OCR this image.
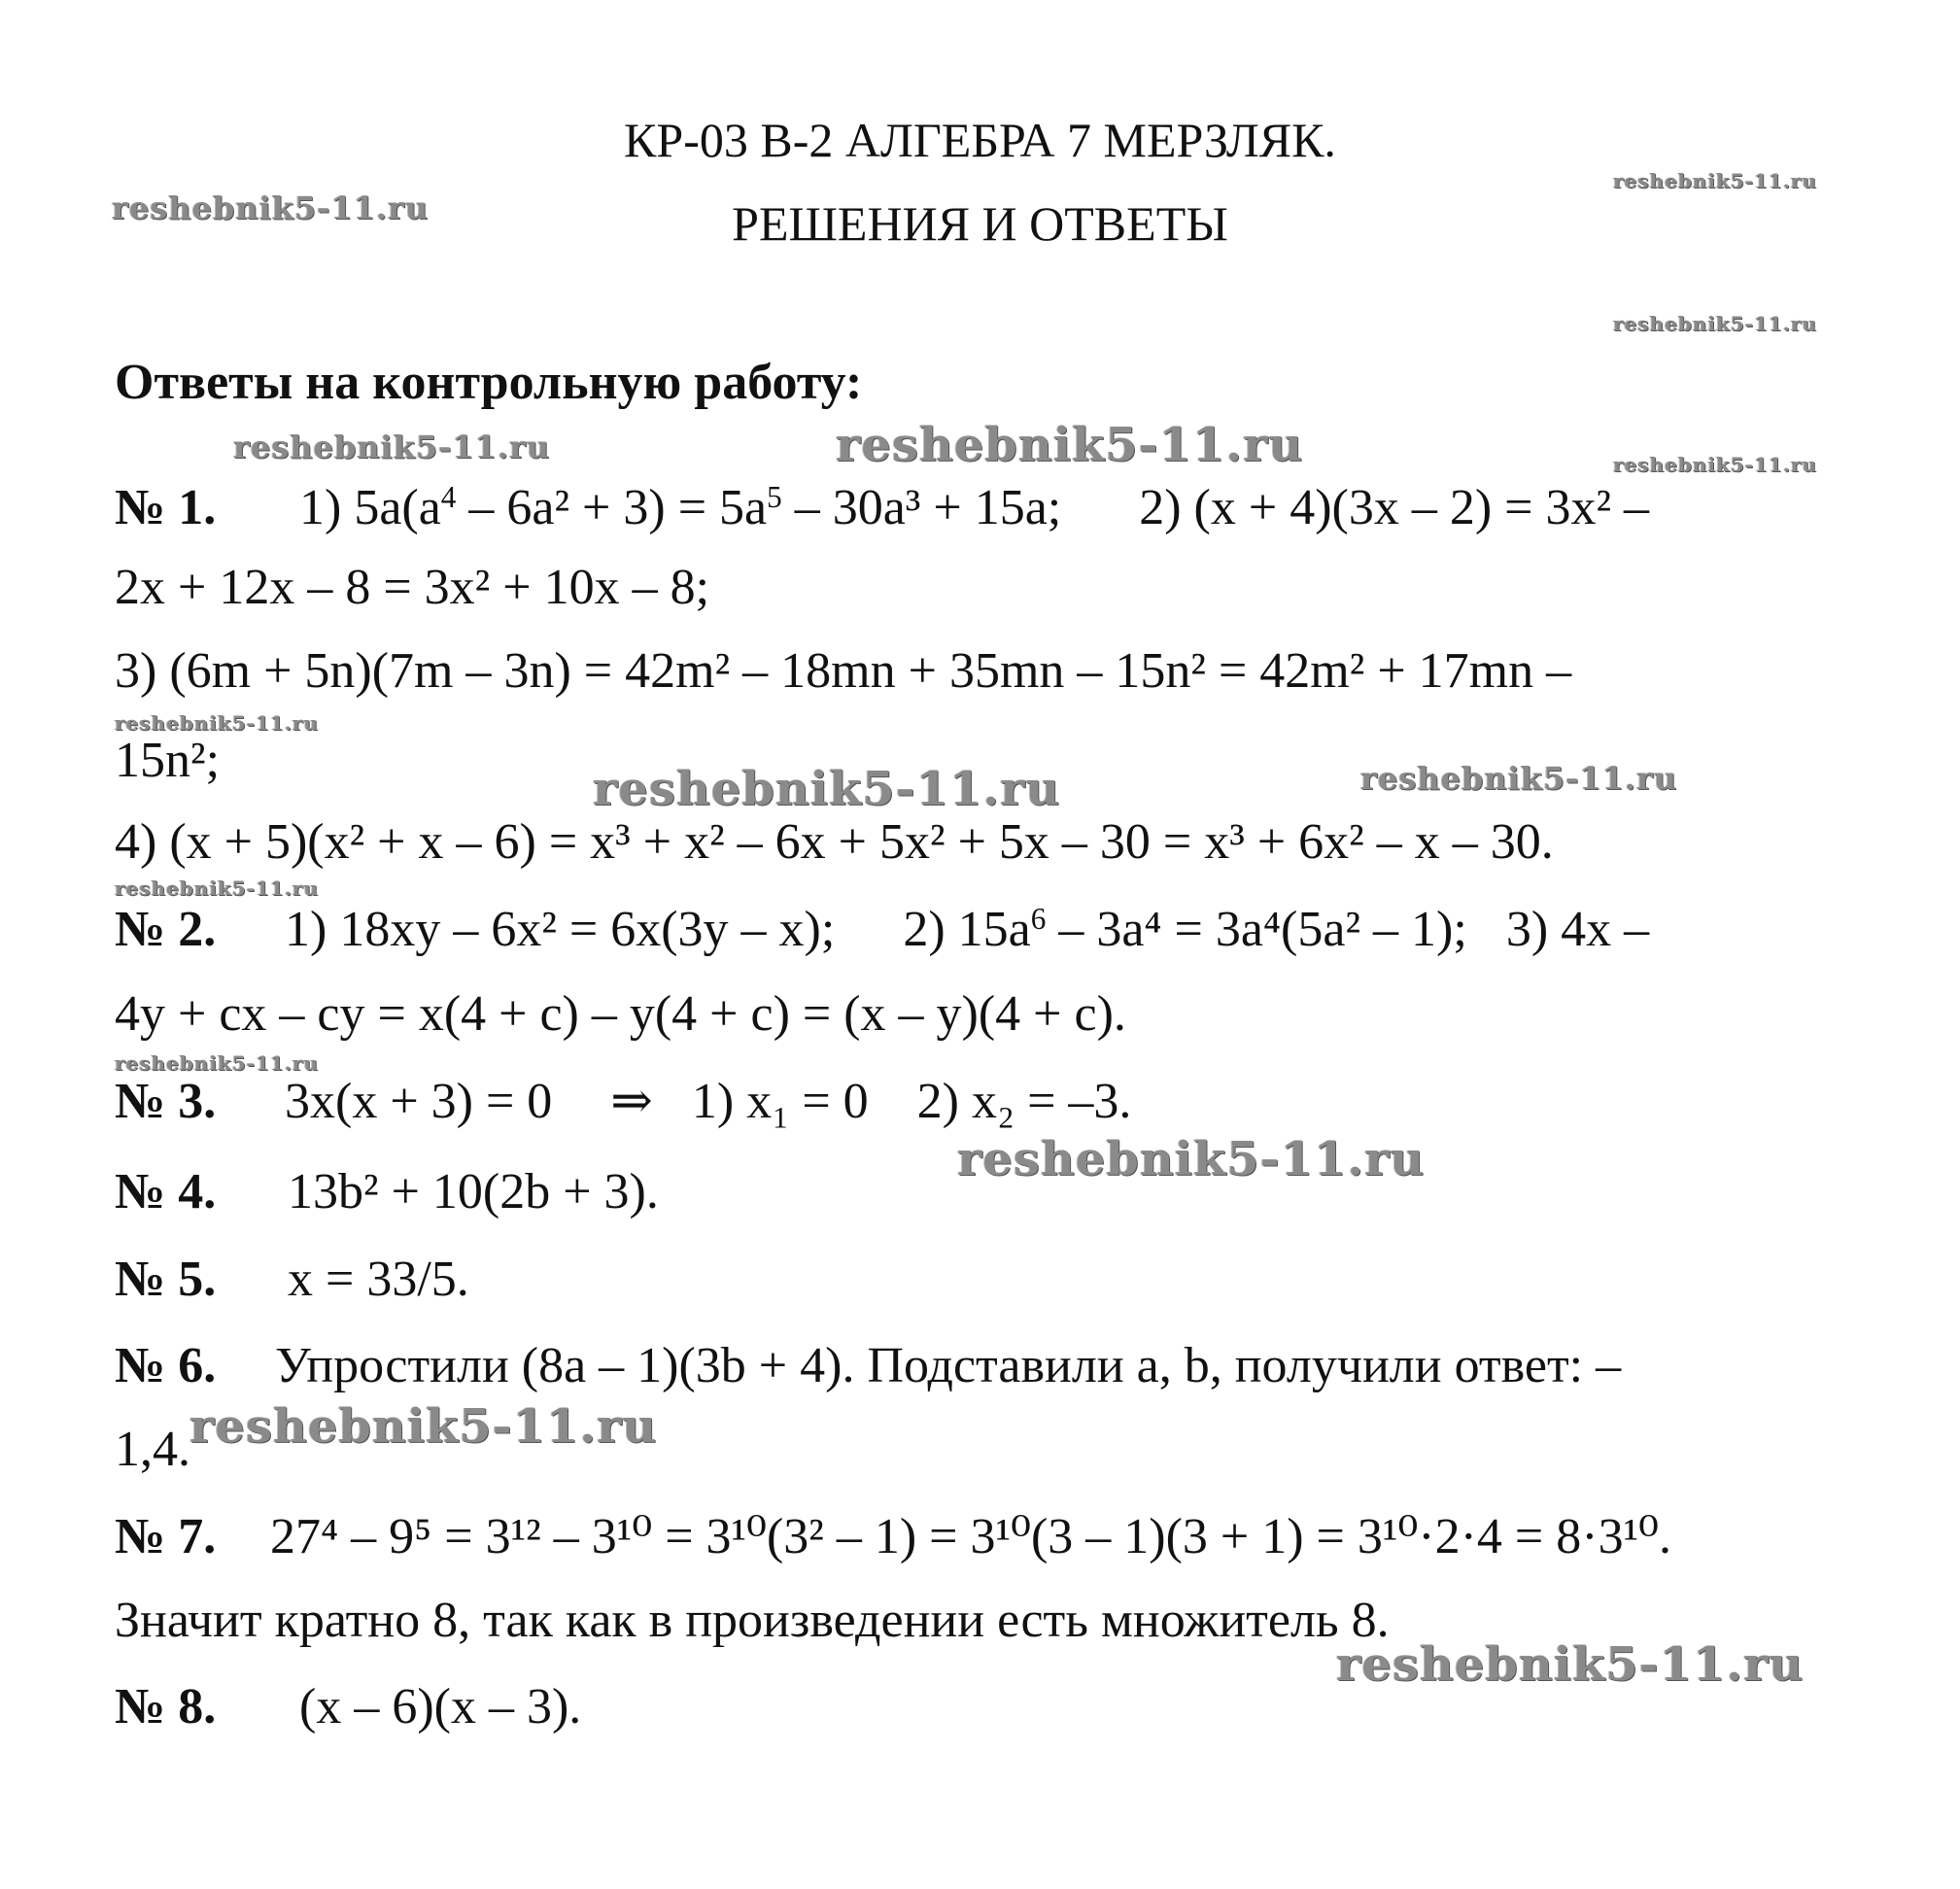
КР-03 В-2 АЛГЕБРА 7 МЕРЗЛЯК.
РЕШЕНИЯ И ОТВЕТЫ
Ответы на контрольную работу:
№ 1. 1) $5a(a^4 - 6a^2 + 3) = 5a^5 - 30a^3 + 15a$; 2) (x + 4)(3x – 2) = 3x² –
2x + 12x – 8 = 3x² + 10x – 8;
3) (6m + 5n)(7m – 3n) = 42m² – 18mn + 35mn – 15n² = 42m² + 17mn –
15n²;
4) (x + 5)(x² + x – 6) = x³ + x² – 6x + 5x² + 5x – 30 = x³ + 6x² – x – 30.
№ 2. 1) 18xy – 6x² = 6x(3y – x); 2) $15a^6 - 3a^4 = 3a^4(5a^2 - 1)$; 3) 4x –
4y + cx – cy = x(4 + c) – y(4 + c) = (x – y)(4 + c).
№ 3. 3x(x + 3) = 0 ⇒ 1) x₁ = 0 2) x₂ = –3.
№ 4. 13b² + 10(2b + 3).
№ 5. x = 33/5.
№ 6. Упростили (8a – 1)(3b + 4). Подставили a, b, получили ответ: –
1,4.
№ 7. 27⁴ – 9⁵ = 3¹² – 3¹⁰ = 3¹⁰(3² – 1) = 3¹⁰(3 – 1)(3 + 1) = 3¹⁰·2·4 = 8·3¹⁰.
Значит кратно 8, так как в произведении есть множитель 8.
№ 8. (x – 6)(x – 3).
reshebnik5-11.ru
reshebnik5-11.ru
reshebnik5-11.ru
reshebnik5-11.ru	reshebnik5-11.ru	reshebnik5-11.ru
reshebnik5-11.ru
reshebnik5-11.ru	reshebnik5-11.ru
reshebnik5-11.ru
reshebnik5-11.ru
reshebnik5-11.ru
reshebnik5-11.ru
reshebnik5-11.ru
